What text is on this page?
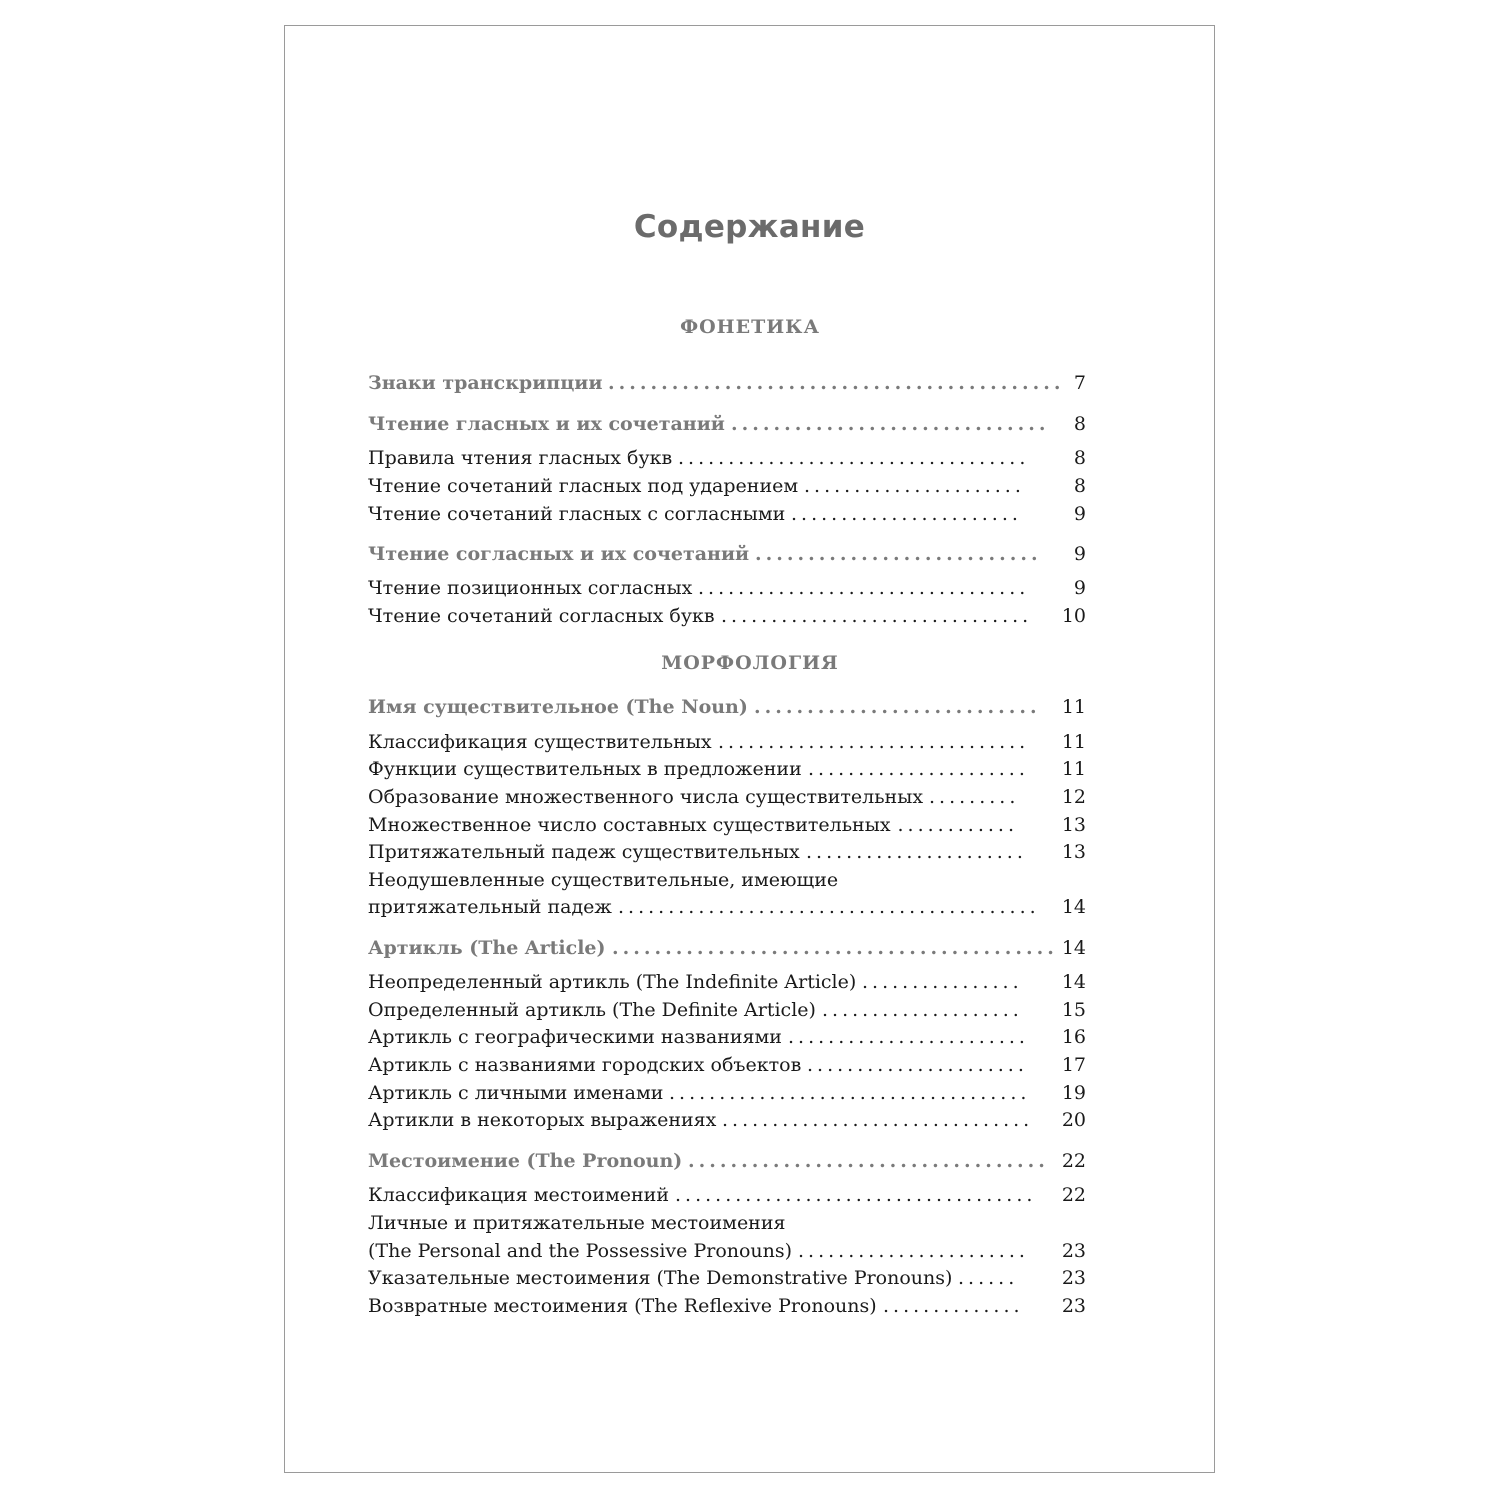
Содержание
ФОНЕТИКА
Знаки транскрипции ........................................... 7
Чтение гласных и их сочетаний .............................. 8
Правила чтения гласных букв ................................... 8
Чтение сочетаний гласных под ударением ......................	8
Чтение сочетаний гласных с согласными .......................	9
Чтение согласных и их сочетаний ........................... 9
Чтение позиционных согласных ................................. 9
Чтение сочетаний согласных букв ............................... 10
МОРФОЛОГИЯ
Имя существительное (The Noun) ........................... 11
Классификация существительных ............................... 11
Функции существительных в предложении ...................... 11
Образование множественного числа существительных ......... 12
Множественное число составных существительных ............ 13
Притяжательный падеж существительных ...................... 13
Неодушевленные существительные, имеющие
притяжательный падеж .......................................... 14
Артикль (The Article) .......................................... 14
Неопределенный артикль (The Indefinite Article) ................ 14
Определенный артикль (The Definite Article) .................... 15
Артикль с географическими названиями ........................ 16
Артикль с названиями городских объектов ...................... 17
Артикль с личными именами .................................... 19
Артикли в некоторых выражениях ............................... 20
Местоимение (The Pronoun) .................................. 22
Классификация местоимений .................................... 22
Личные и притяжательные местоимения
(The Personal and the Possessive Pronouns) ....................... 23
Указательные местоимения (The Demonstrative Pronouns) ...... 23
Возвратные местоимения (The Reflexive Pronouns) .............. 23
